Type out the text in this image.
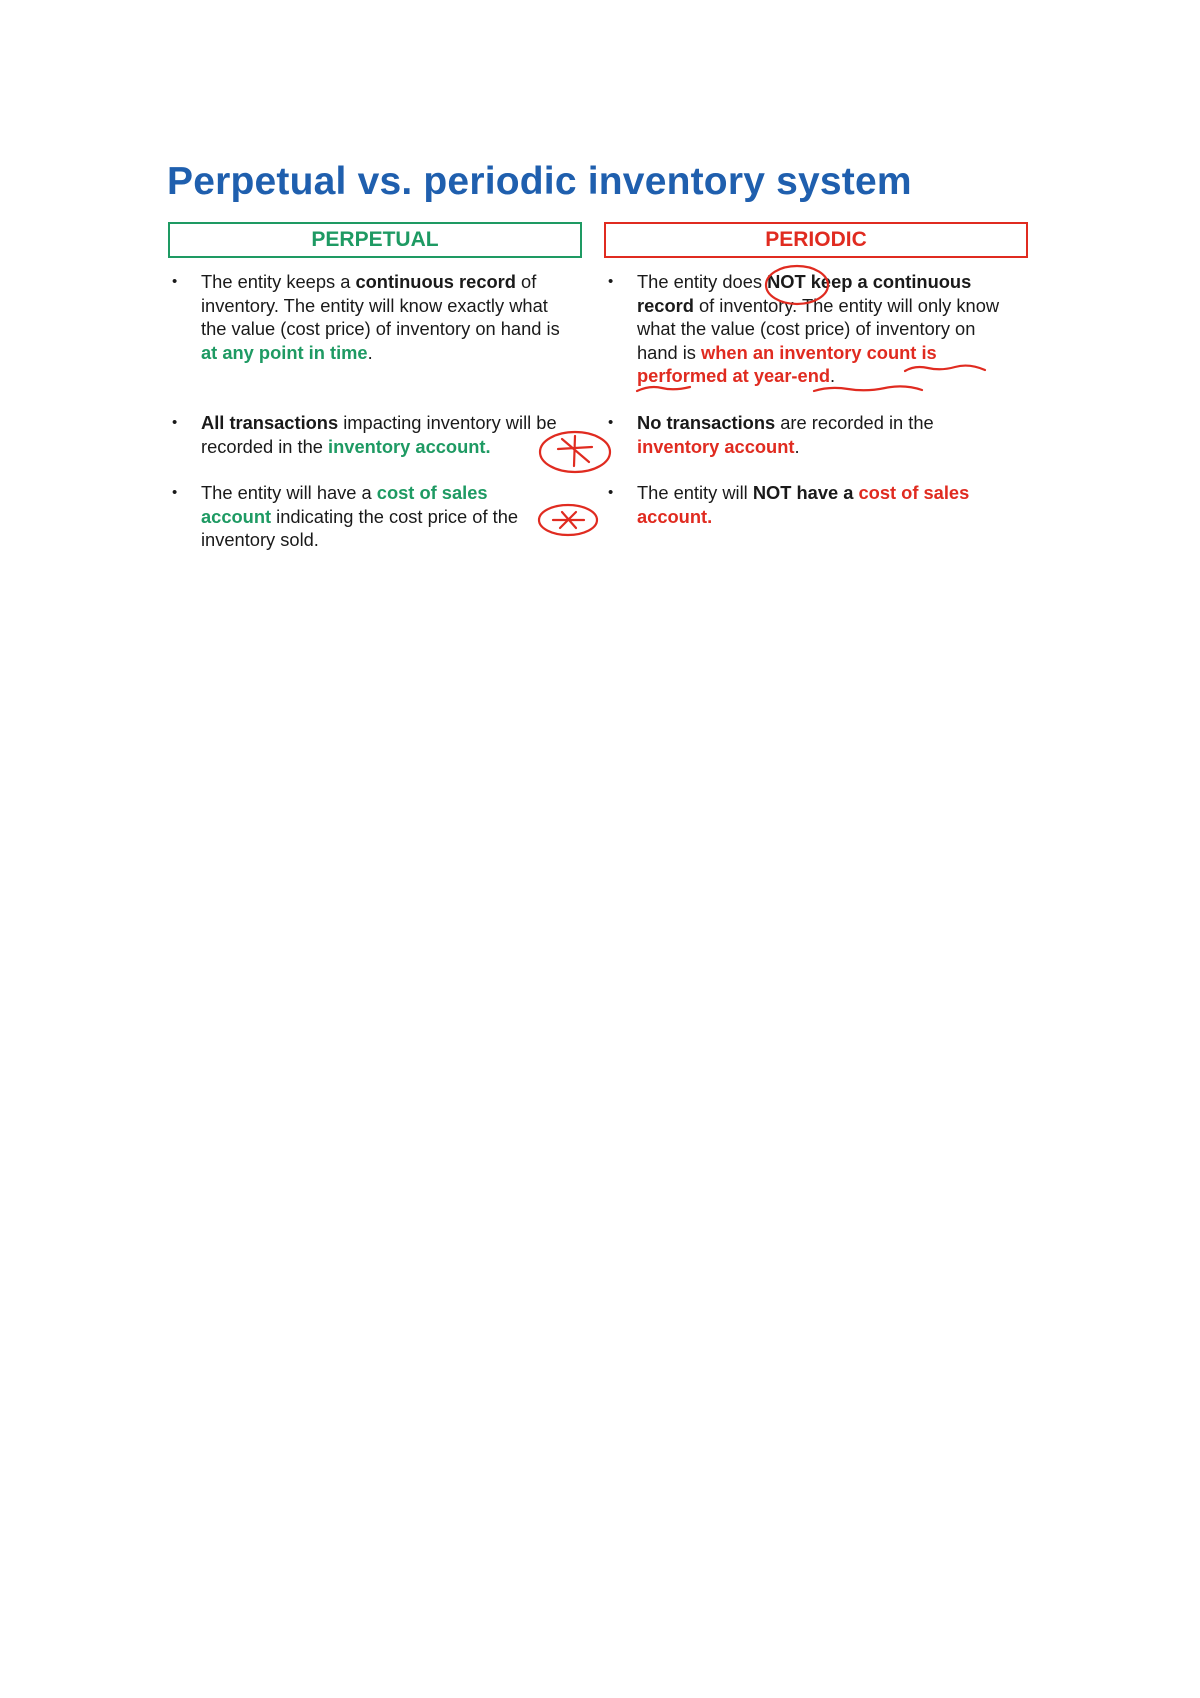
Perpetual vs. periodic inventory system
PERPETUAL	PERIODIC
• The entity keeps a continuous record of inventory. The entity will know exactly what the value (cost price) of inventory on hand is at any point in time.
• All transactions impacting inventory will be recorded in the inventory account.
• The entity will have a cost of sales account indicating the cost price of the inventory sold.
• The entity does NOT keep a continuous record of inventory. The entity will only know what the value (cost price) of inventory on hand is when an inventory count is performed at year-end.
• No transactions are recorded in the inventory account.
• The entity will NOT have a cost of sales account.
